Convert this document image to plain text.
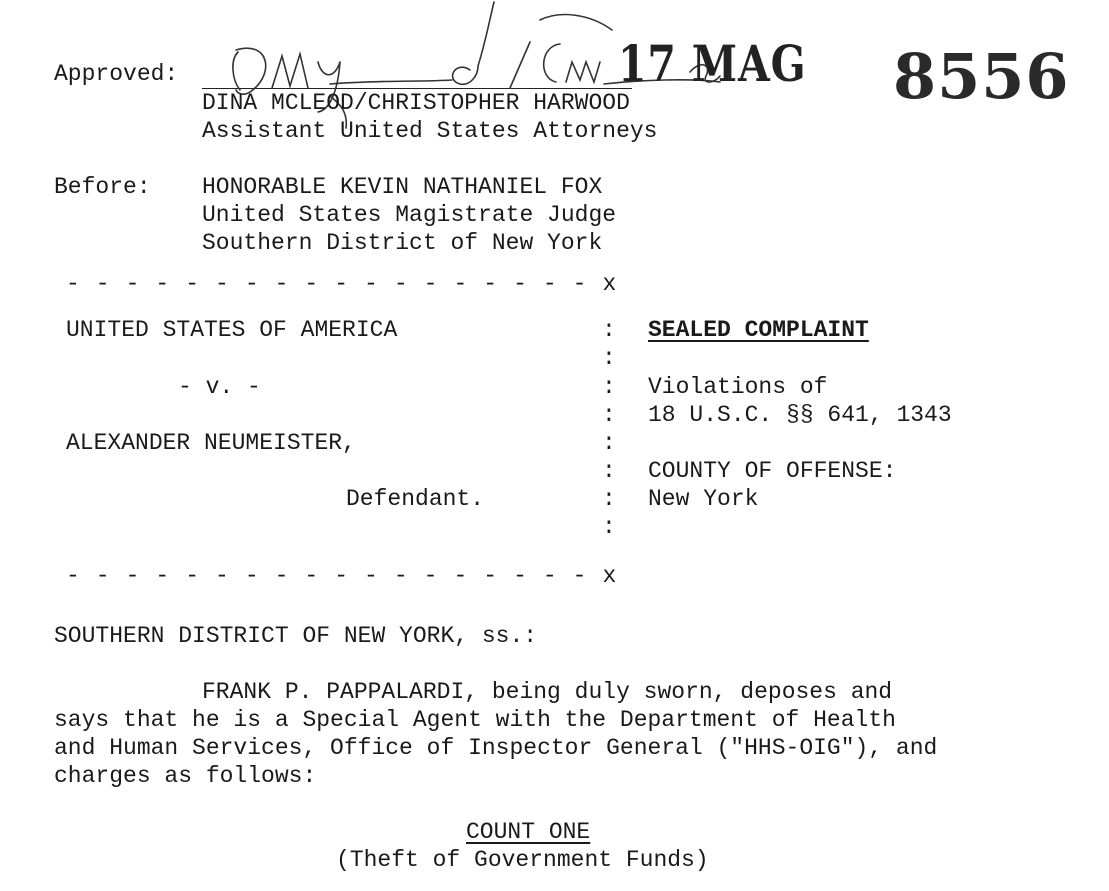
Approved:	17 MAG 8556
DINA MCLEOD/CHRISTOPHER HARWOOD
Assistant United States Attorneys
Before: HONORABLE KEVIN NATHANIEL FOX
United States Magistrate Judge
Southern District of New York
- - - - - - - - - - - - - - - - - - x
UNITED STATES OF AMERICA
- v. -
ALEXANDER NEUMEISTER,
Defendant.
:
:
:
:
:
:
:
:
SEALED COMPLAINT
Violations of
18 U.S.C. §§ 641, 1343
COUNTY OF OFFENSE:
New York
- - - - - - - - - - - - - - - - - - x
SOUTHERN DISTRICT OF NEW YORK, ss.:
FRANK P. PAPPALARDI, being duly sworn, deposes and
says that he is a Special Agent with the Department of Health
and Human Services, Office of Inspector General ("HHS-OIG"), and
charges as follows:
COUNT ONE
(Theft of Government Funds)
